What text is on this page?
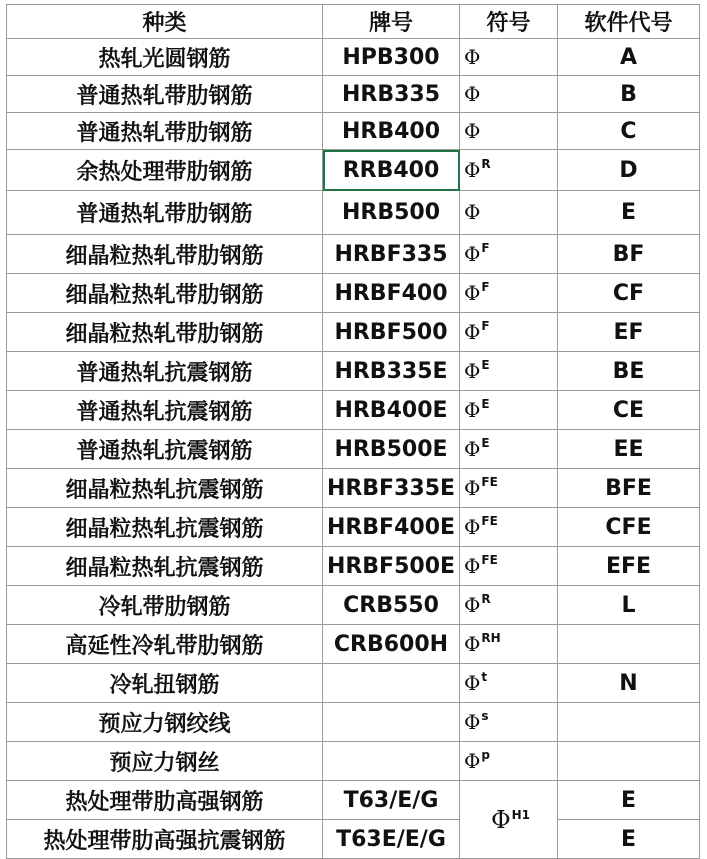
种类	牌号	符号	软件代号
热轧光圆钢筋	HPB300	Φ	A
普通热轧带肋钢筋	HRB335	Φ	B
普通热轧带肋钢筋	HRB400	Φ	C
余热处理带肋钢筋	RRB400	$\Phi^R$	D
普通热轧带肋钢筋	HRB500	Φ	E
细晶粒热轧带肋钢筋	HRBF335	$\Phi^F$	BF
细晶粒热轧带肋钢筋	HRBF400	$\Phi^F$	CF
细晶粒热轧带肋钢筋	HRBF500	$\Phi^F$	EF
普通热轧抗震钢筋	HRB335E	$\Phi^E$	BE
普通热轧抗震钢筋	HRB400E	$\Phi^E$	CE
普通热轧抗震钢筋	HRB500E	$\Phi^E$	EE
细晶粒热轧抗震钢筋	HRBF335E	$\Phi^{FE}$	BFE
细晶粒热轧抗震钢筋	HRBF400E	$\Phi^{FE}$	CFE
细晶粒热轧抗震钢筋	HRBF500E	$\Phi^{FE}$	EFE
冷轧带肋钢筋	CRB550	$\Phi^R$	L
高延性冷轧带肋钢筋	CRB600H	$\Phi^{RH}$	
冷轧扭钢筋		$\Phi^t$	N
预应力钢绞线		$\Phi^s$	
预应力钢丝		$\Phi^p$	
热处理带肋高强钢筋	T63/E/G	$\Phi^{H1}$	E
热处理带肋高强抗震钢筋	T63E/E/G		E
